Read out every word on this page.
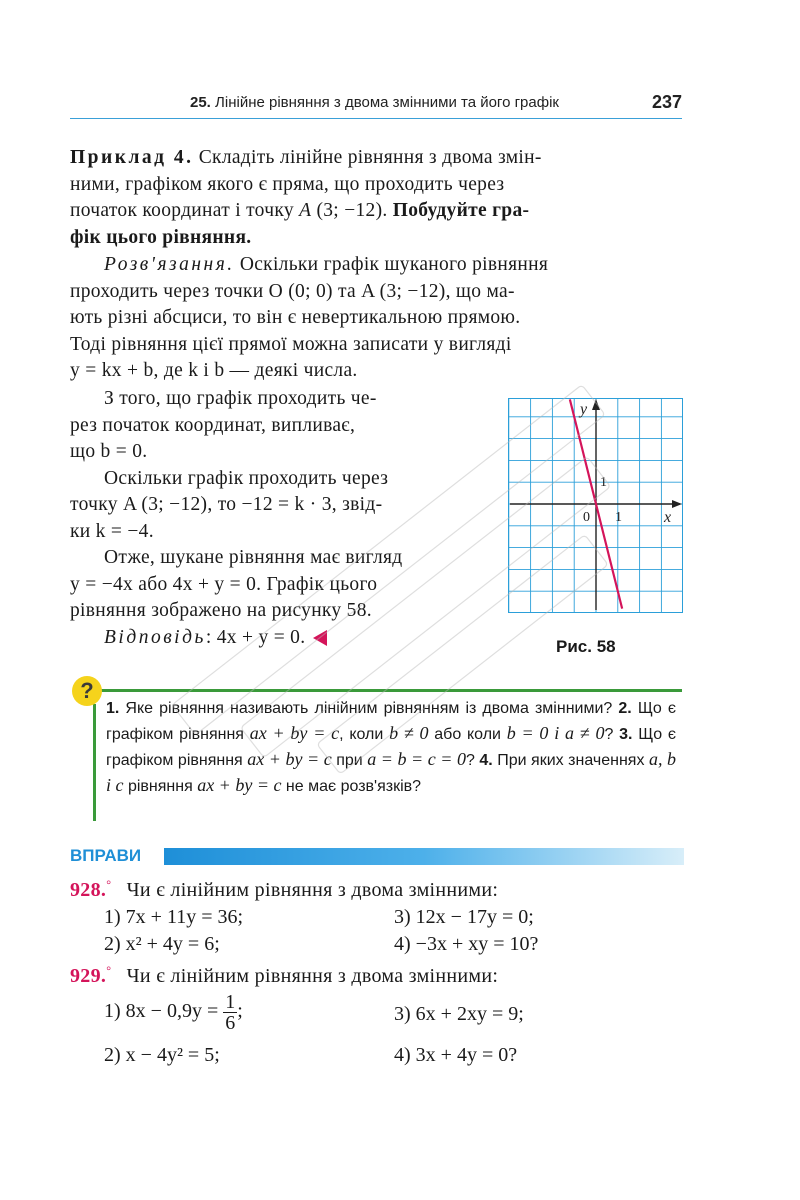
25. Лінійне рівняння з двома змінними та його графік	237
Приклад 4. Складіть лінійне рівняння з двома змін-
ними, графіком якого є пряма, що проходить через
початок координат і точку A (3; −12). Побудуйте гра-
фік цього рівняння.
Розв'язання. Оскільки графік шуканого рівняння
проходить через точки O (0; 0) та A (3; −12), що ма-
ють різні абсциси, то він є невертикальною прямою.
Тоді рівняння цієї прямої можна записати у вигляді
y = kx + b, де k і b — деякі числа.
З того, що графік проходить че-
рез початок координат, випливає,
що b = 0.
Оскільки графік проходить через
точку A (3; −12), то −12 = k · 3, звід-
ки k = −4.
Отже, шукане рівняння має вигляд
y = −4x або 4x + y = 0. Графік цього
рівняння зображено на рисунку 58.
Відповідь: 4x + y = 0.
y
x
0 1
1
Рис. 58
?
1. Яке рівняння називають лінійним рівнянням із двома змінними? 2. Що є графіком рівняння ax + by = c, коли b ≠ 0 або коли b = 0 і a ≠ 0? 3. Що є графіком рівняння ax + by = c при a = b = c = 0? 4. При яких значеннях a, b і c рівняння ax + by = c не має розв'язків?
ВПРАВИ
928.° Чи є лінійним рівняння з двома змінними:
1) 7x + 11y = 36;	3) 12x − 17y = 0;
2) x² + 4y = 6;	4) −3x + xy = 10?
929.° Чи є лінійним рівняння з двома змінними:
1) $8x - 0,9y = \frac{1}{6}$ ;	3) 6x + 2xy = 9;
2) x − 4y² = 5;	4) 3x + 4y = 0?
